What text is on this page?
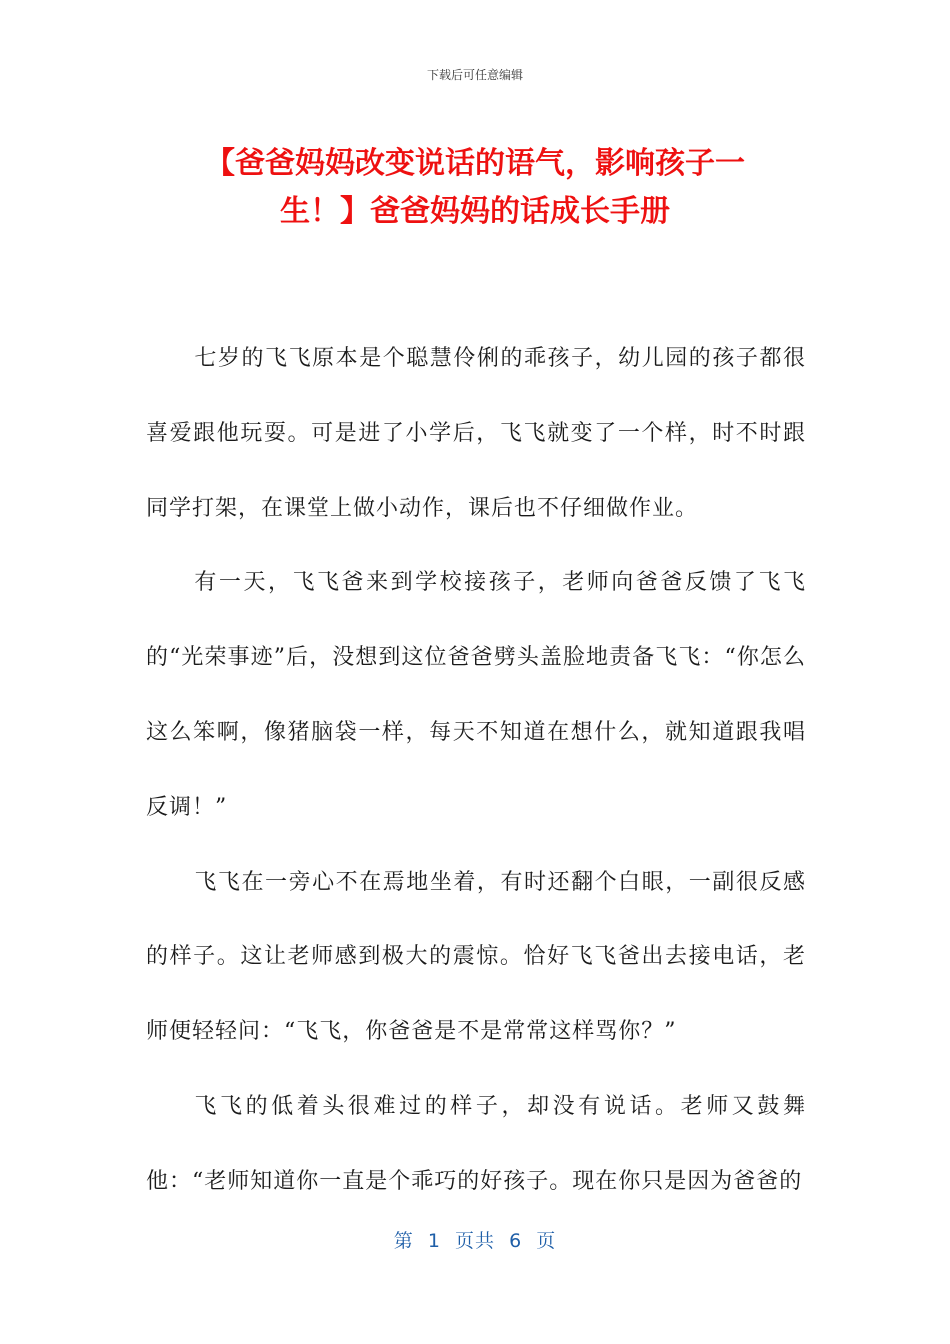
下载后可任意编辑
【爸爸妈妈改变说话的语气，影响孩子一
生！】爸爸妈妈的话成长手册

七岁的飞飞原本是个聪慧伶俐的乖孩子，幼儿园的孩子都很喜爱跟他玩耍。可是进了小学后，飞飞就变了一个样，时不时跟同学打架，在课堂上做小动作，课后也不仔细做作业。

有一天，飞飞爸来到学校接孩子，老师向爸爸反馈了飞飞的“光荣事迹”后，没想到这位爸爸劈头盖脸地责备飞飞：“你怎么这么笨啊，像猪脑袋一样，每天不知道在想什么，就知道跟我唱反调！”

飞飞在一旁心不在焉地坐着，有时还翻个白眼，一副很反感的样子。这让老师感到极大的震惊。恰好飞飞爸出去接电话，老师便轻轻问：“飞飞，你爸爸是不是常常这样骂你？”

飞飞的低着头很难过的样子，却没有说话。老师又鼓舞他：“老师知道你一直是个乖巧的好孩子。现在你只是因为爸爸的

第  1  页共  6  页
